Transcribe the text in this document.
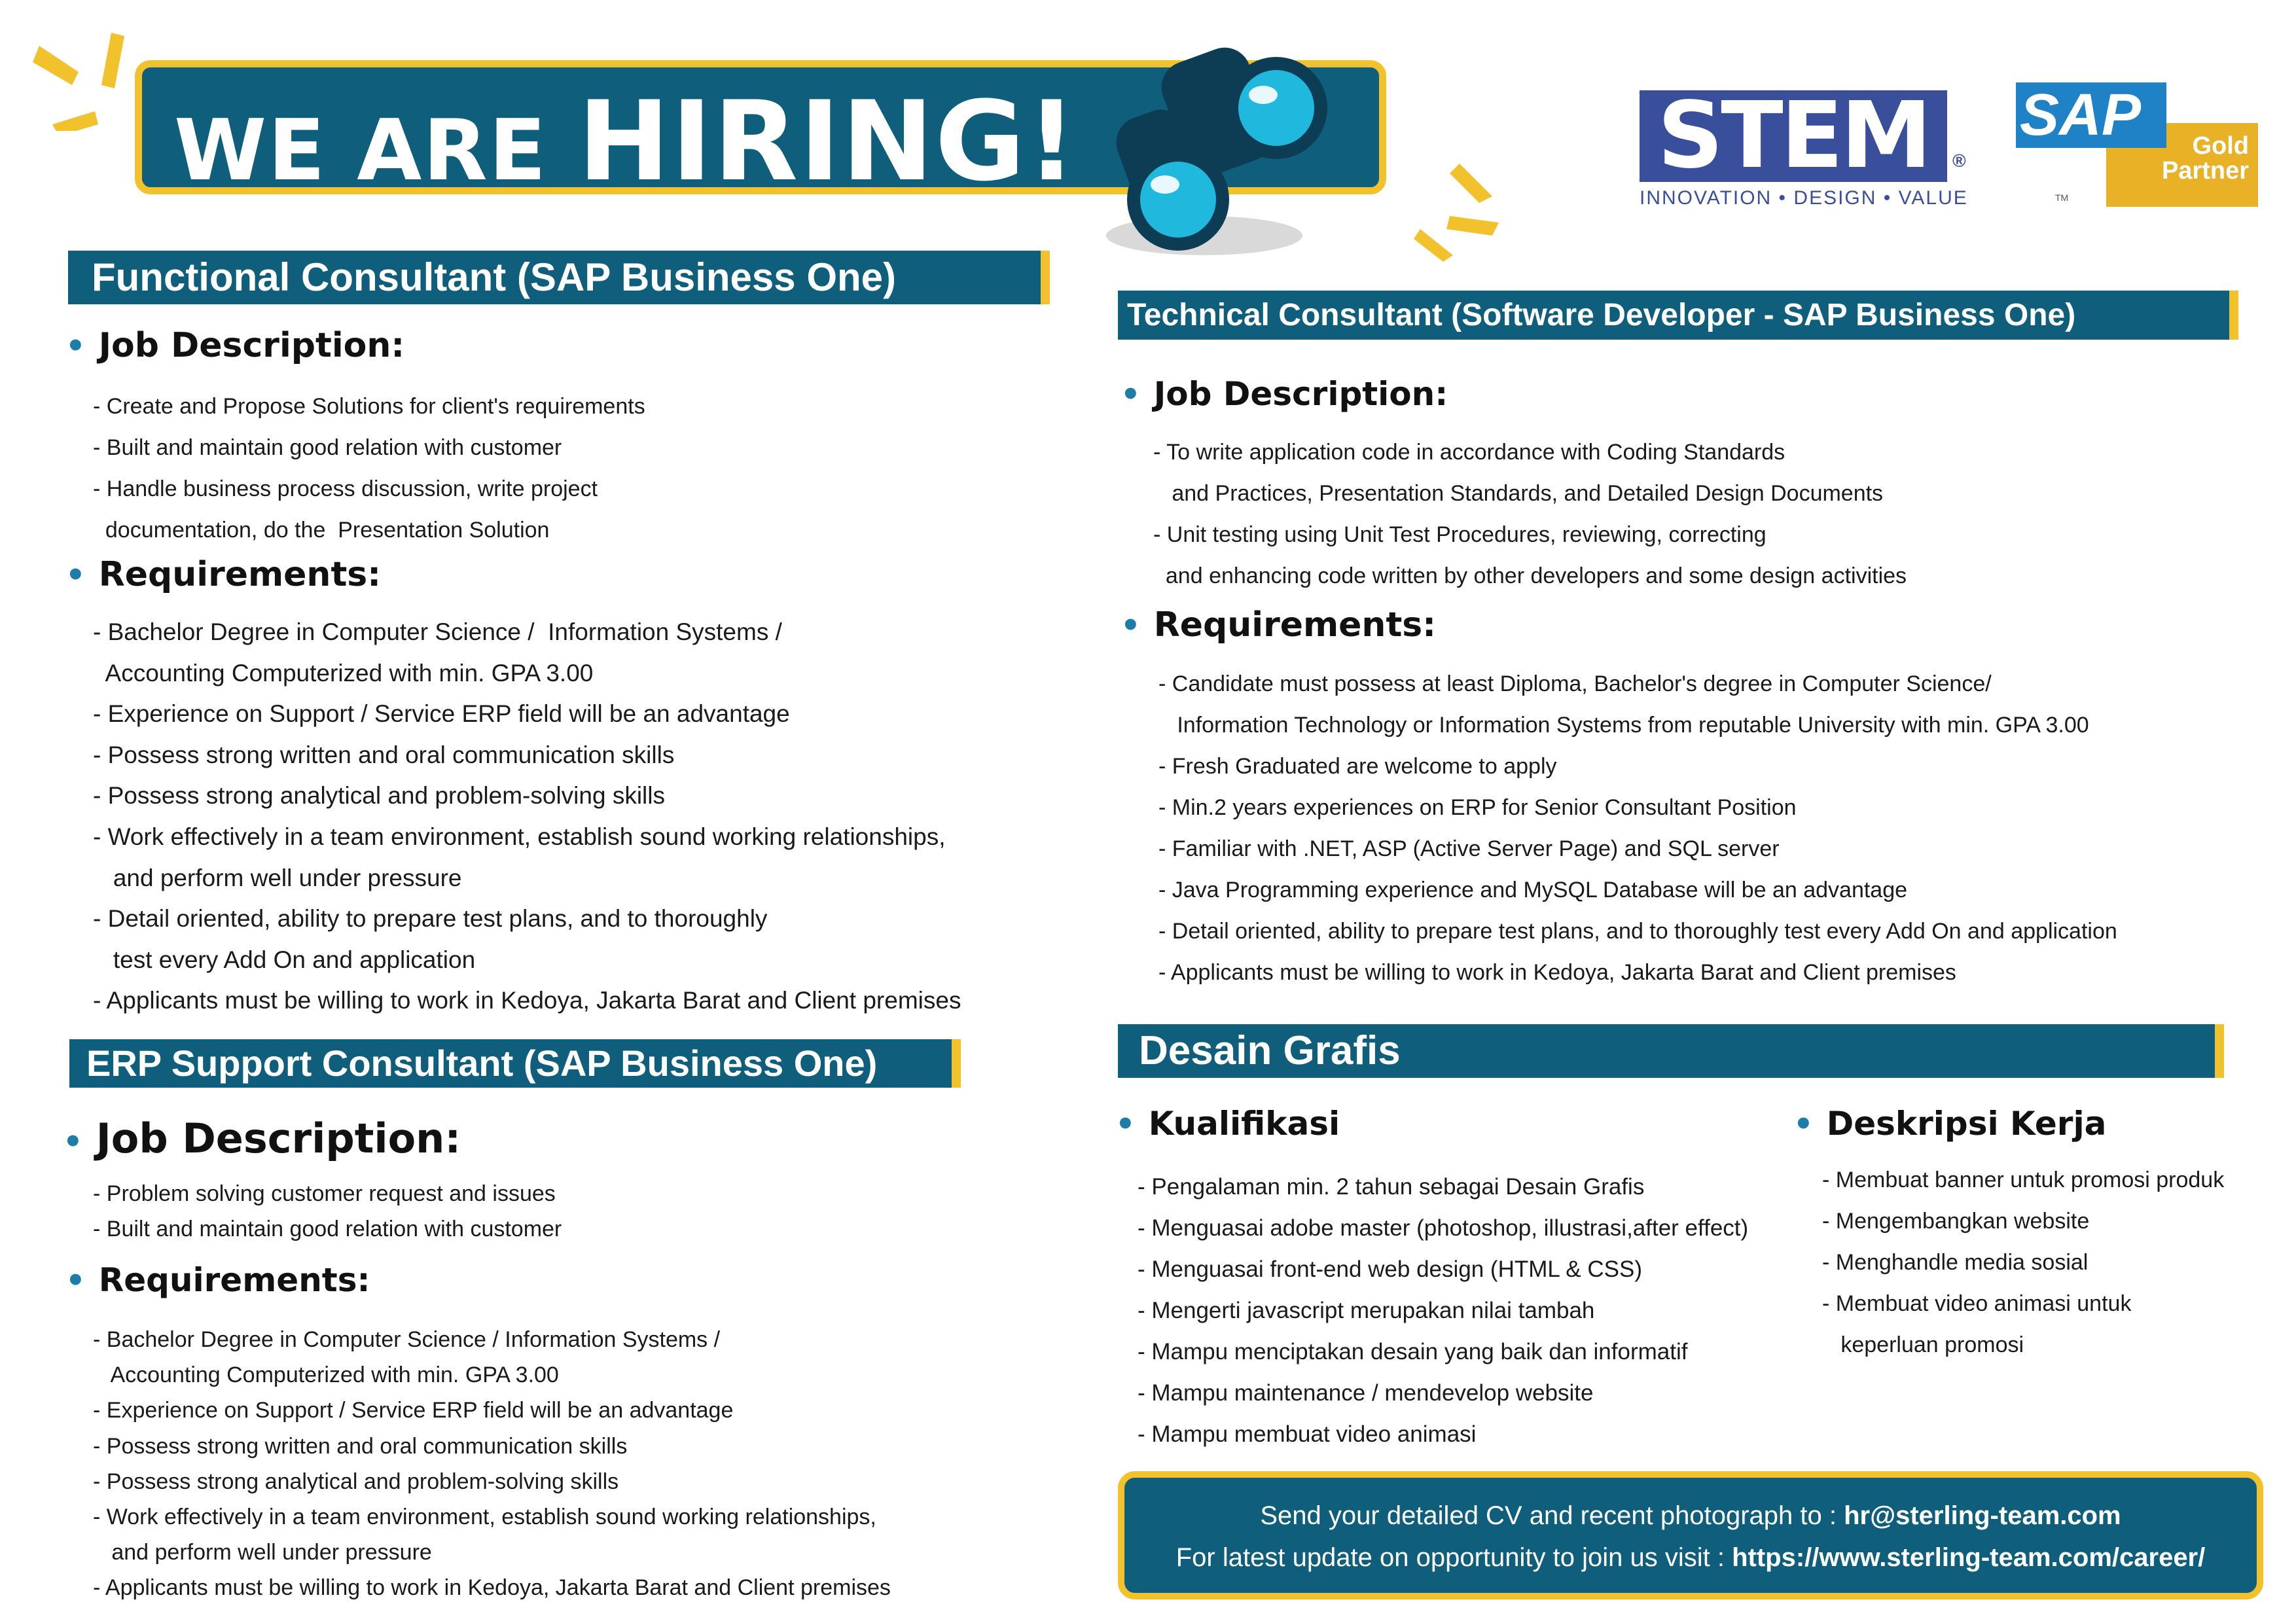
WE ARE HIRING!	STEM	®
INNOVATION • DESIGN • VALUE
Gold
Partner
SAP
TM
Functional Consultant (SAP Business One)
• Job Description:
- Create and Propose Solutions for client's requirements
- Built and maintain good relation with customer
- Handle business process discussion, write project
documentation, do the  Presentation Solution
• Requirements:
- Bachelor Degree in Computer Science /  Information Systems /
Accounting Computerized with min. GPA 3.00
- Experience on Support / Service ERP field will be an advantage
- Possess strong written and oral communication skills
- Possess strong analytical and problem-solving skills
- Work effectively in a team environment, establish sound working relationships,
and perform well under pressure
- Detail oriented, ability to prepare test plans, and to thoroughly
test every Add On and application
- Applicants must be willing to work in Kedoya, Jakarta Barat and Client premises
ERP Support Consultant (SAP Business One)
• Job Description:
- Problem solving customer request and issues
- Built and maintain good relation with customer
• Requirements:
- Bachelor Degree in Computer Science / Information Systems /
Accounting Computerized with min. GPA 3.00
- Experience on Support / Service ERP field will be an advantage
- Possess strong written and oral communication skills
- Possess strong analytical and problem-solving skills
- Work effectively in a team environment, establish sound working relationships,
and perform well under pressure
- Applicants must be willing to work in Kedoya, Jakarta Barat and Client premises
Technical Consultant (Software Developer - SAP Business One)
• Job Description:
- To write application code in accordance with Coding Standards
and Practices, Presentation Standards, and Detailed Design Documents
- Unit testing using Unit Test Procedures, reviewing, correcting
and enhancing code written by other developers and some design activities
• Requirements:
- Candidate must possess at least Diploma, Bachelor's degree in Computer Science/
Information Technology or Information Systems from reputable University with min. GPA 3.00
- Fresh Graduated are welcome to apply
- Min.2 years experiences on ERP for Senior Consultant Position
- Familiar with .NET, ASP (Active Server Page) and SQL server
- Java Programming experience and MySQL Database will be an advantage
- Detail oriented, ability to prepare test plans, and to thoroughly test every Add On and application
- Applicants must be willing to work in Kedoya, Jakarta Barat and Client premises
Desain Grafis
• Kualifikasi
- Pengalaman min. 2 tahun sebagai Desain Grafis
- Menguasai adobe master (photoshop, illustrasi,after effect)
- Menguasai front-end web design (HTML & CSS)
- Mengerti javascript merupakan nilai tambah
- Mampu menciptakan desain yang baik dan informatif
- Mampu maintenance / mendevelop website
- Mampu membuat video animasi
• Deskripsi Kerja
- Membuat banner untuk promosi produk
- Mengembangkan website
- Menghandle media sosial
- Membuat video animasi untuk
keperluan promosi
Send your detailed CV and recent photograph to : hr@sterling-team.com
For latest update on opportunity to join us visit : https://www.sterling-team.com/career/
